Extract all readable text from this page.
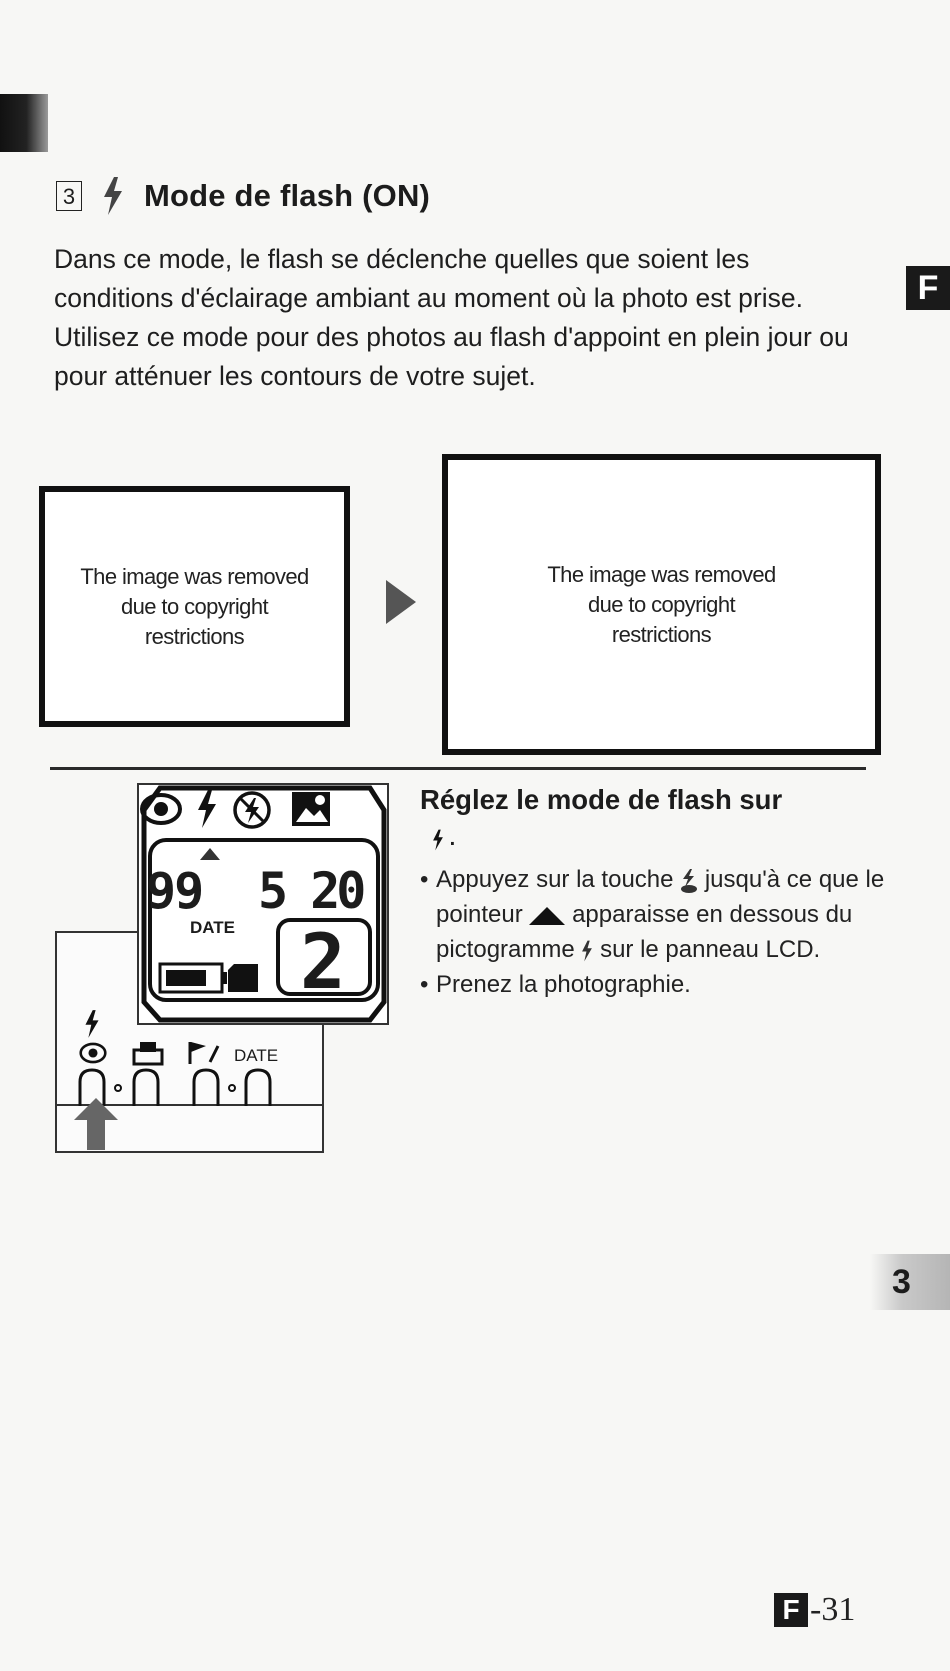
3 Mode de flash (ON)
F

Dans ce mode, le flash se déclenche quelles que soient les conditions d'éclairage ambiant au moment où la photo est prise. Utilisez ce mode pour des photos au flash d'appoint en plein jour ou pour atténuer les contours de votre sujet.

The image was removed due to copyright restrictions
The image was removed due to copyright restrictions
99 5 20
DATE 2
DATE

Réglez le mode de flash sur

.
• Appuyez sur la touche jusqu'à ce que le pointeur apparaisse en dessous du pictogramme sur le panneau LCD.
• Prenez la photographie.
3
F -31
